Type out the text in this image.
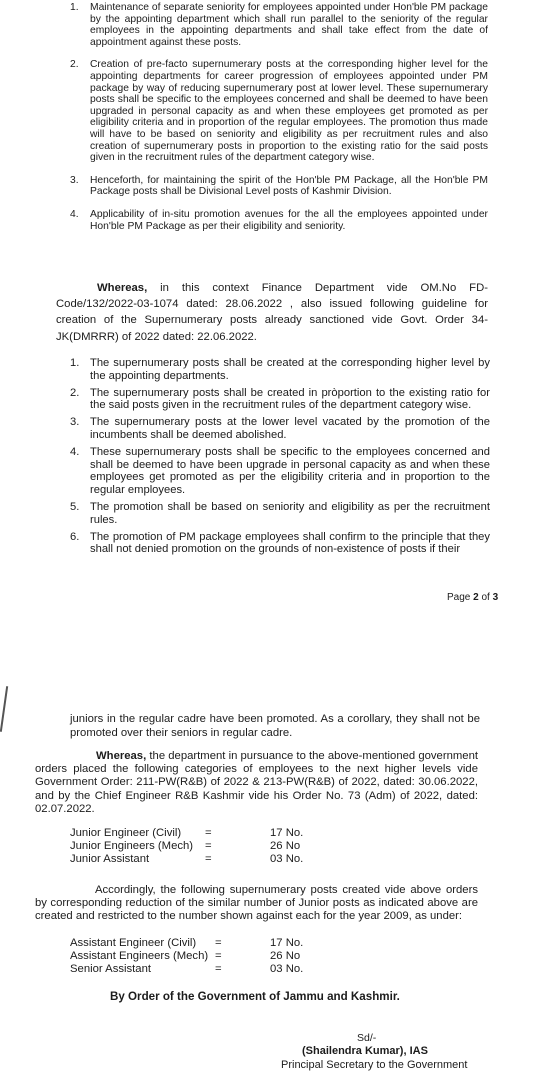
1. Maintenance of separate seniority for employees appointed under Hon'ble PM package by the appointing department which shall run parallel to the seniority of the regular employees in the appointing departments and shall take effect from the date of appointment against these posts.
2. Creation of pre-facto supernumerary posts at the corresponding higher level for the appointing departments for career progression of employees appointed under PM package by way of reducing supernumerary post at lower level. These supernumerary posts shall be specific to the employees concerned and shall be deemed to have been upgraded in personal capacity as and when these employees get promoted as per eligibility criteria and in proportion of the regular employees. The promotion thus made will have to be based on seniority and eligibility as per recruitment rules and also creation of supernumerary posts in proportion to the existing ratio for the said posts given in the recruitment rules of the department category wise.
3. Henceforth, for maintaining the spirit of the Hon'ble PM Package, all the Hon'ble PM Package posts shall be Divisional Level posts of Kashmir Division.
4. Applicability of in-situ promotion avenues for the all the employees appointed under Hon'ble PM Package as per their eligibility and seniority.

Whereas, in this context Finance Department vide OM.No FD-Code/132/2022-03-1074 dated: 28.06.2022 , also issued following guideline for creation of the Supernumerary posts already sanctioned vide Govt. Order 34-JK(DMRRR) of 2022 dated: 22.06.2022.

1. The supernumerary posts shall be created at the corresponding higher level by the appointing departments.
2. The supernumerary posts shall be created in pròportion to the existing ratio for the said posts given in the recruitment rules of the department category wise.
3. The supernumerary posts at the lower level vacated by the promotion of the incumbents shall be deemed abolished.
4. These supernumerary posts shall be specific to the employees concerned and shall be deemed to have been upgrade in personal capacity as and when these employees get promoted as per the eligibility criteria and in proportion to the regular employees.
5. The promotion shall be based on seniority and eligibility as per the recruitment rules.
6. The promotion of PM package employees shall confirm to the principle that they shall not denied promotion on the grounds of non-existence of posts if their
Page 2 of 3

juniors in the regular cadre have been promoted. As a corollary, they shall not be promoted over their seniors in regular cadre.

Whereas, the department in pursuance to the above-mentioned government orders placed the following categories of employees to the next higher levels vide Government Order: 211-PW(R&B) of 2022 & 213-PW(R&B) of 2022, dated: 30.06.2022, and by the Chief Engineer R&B Kashmir vide his Order No. 73 (Adm) of 2022, dated: 02.07.2022.

Junior Engineer (Civil) =	17 No.
Junior Engineers (Mech) =	26 No
Junior Assistant	=	03 No.

Accordingly, the following supernumerary posts created vide above orders by corresponding reduction of the similar number of Junior posts as indicated above are created and restricted to the number shown against each for the year 2009, as under:

Assistant Engineer (Civil) =	17 No.
Assistant Engineers (Mech) =	26 No
Senior Assistant	=	03 No.
By Order of the Government of Jammu and Kashmir.
Sd/-
(Shailendra Kumar), IAS
Principal Secretary to the Government
